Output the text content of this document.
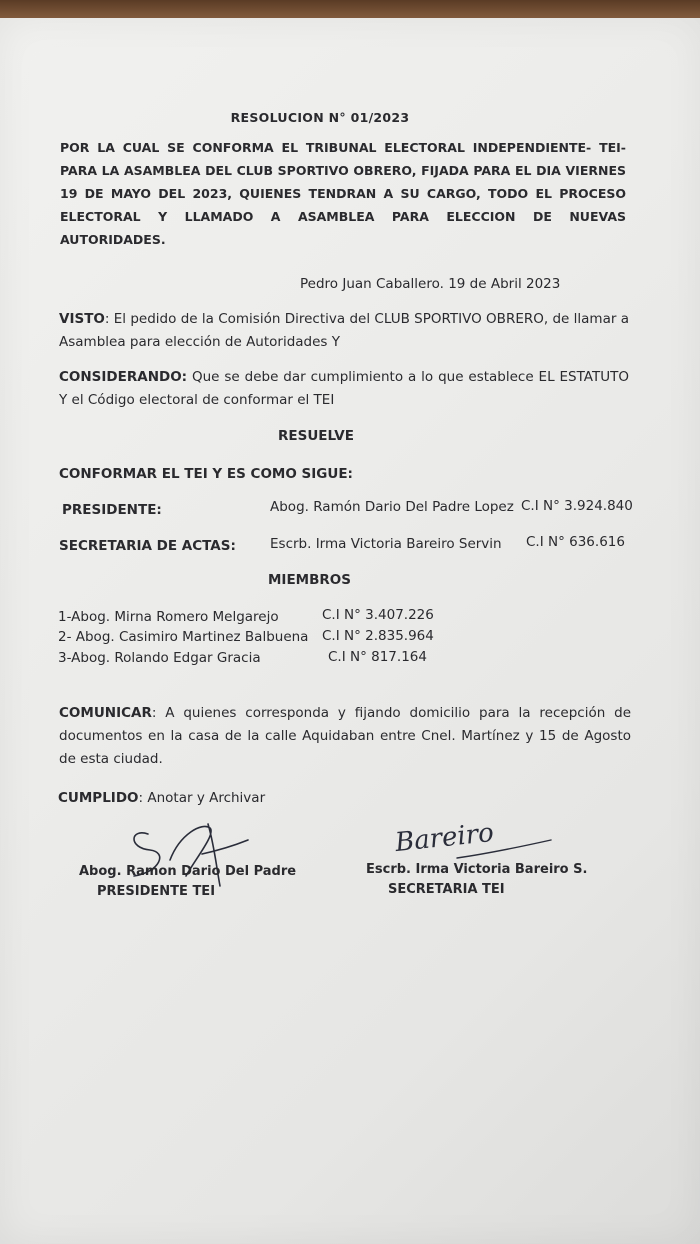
RESOLUCION N° 01/2023
POR LA CUAL SE CONFORMA EL TRIBUNAL ELECTORAL INDEPENDIENTE- TEI- PARA LA ASAMBLEA DEL CLUB SPORTIVO OBRERO, FIJADA PARA EL DIA VIERNES 19 DE MAYO DEL 2023, QUIENES TENDRAN A SU CARGO, TODO EL PROCESO ELECTORAL Y LLAMADO A ASAMBLEA PARA ELECCION DE NUEVAS AUTORIDADES.
Pedro Juan Caballero. 19 de Abril 2023
VISTO: El pedido de la Comisión Directiva del CLUB SPORTIVO OBRERO, de llamar a Asamblea para elección de Autoridades Y
CONSIDERANDO: Que se debe dar cumplimiento a lo que establece EL ESTATUTO Y el Código electoral de conformar el TEI
RESUELVE
CONFORMAR EL TEI Y ES COMO SIGUE:
PRESIDENTE:	Abog. Ramón Dario Del Padre Lopez C.I N° 3.924.840
SECRETARIA DE ACTAS:	Escrb. Irma Victoria Bareiro Servin C.I N° 636.616
MIEMBROS
1-Abog. Mirna Romero Melgarejo	C.I N° 3.407.226
2- Abog. Casimiro Martinez Balbuena C.I N° 2.835.964
3-Abog. Rolando Edgar Gracia	C.I N° 817.164
COMUNICAR: A quienes corresponda y fijando domicilio para la recepción de documentos en la casa de la calle Aquidaban entre Cnel. Martínez y 15 de Agosto de esta ciudad.
CUMPLIDO: Anotar y Archivar
Abog. Ramon Dario Del Padre
PRESIDENTE TEI
Bareiro
Escrb. Irma Victoria Bareiro S.
SECRETARIA TEI
